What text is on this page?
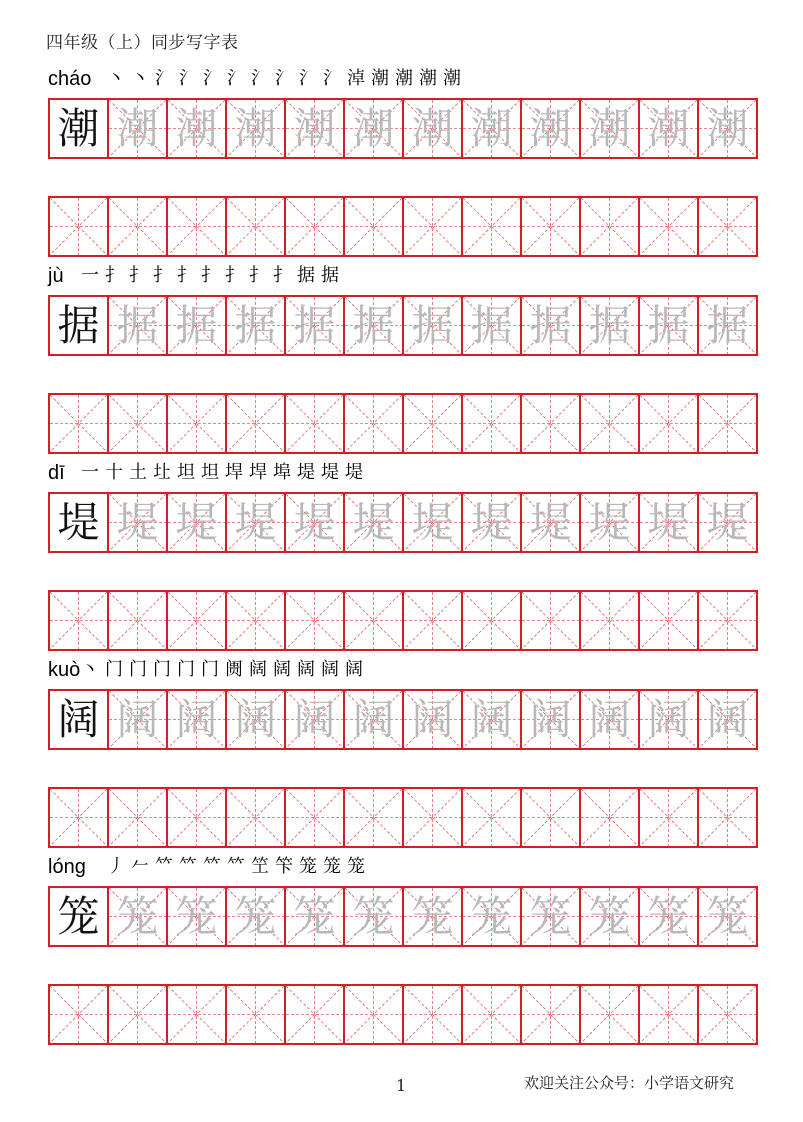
四年级（上）同步写字表
cháo 丶 丶 氵 氵 氵 氵 氵 氵 氵 氵 淖 潮 潮 潮 潮
潮 潮 潮 潮 潮 潮 潮 潮 潮 潮 潮 潮
jù 一 扌 扌 扌 扌 扌 扌 扌 扌 据 据
据 据 据 据 据 据 据 据 据 据 据 据
dī 一 十 土 圵 坦 坦 垾 垾 埠 堤 堤 堤
堤 堤 堤 堤 堤 堤 堤 堤 堤 堤 堤 堤
kuò 丶 门 门 门 门 门 阓 阔 阔 阔 阔 阔
阔 阔 阔 阔 阔 阔 阔 阔 阔 阔 阔 阔
lóng 丿 𠂉 𥫗 𥫗 𥫗 𥫗 笁 笇 笼 笼 笼
笼 笼 笼 笼 笼 笼 笼 笼 笼 笼 笼 笼
1	欢迎关注公众号：小学语文研究
